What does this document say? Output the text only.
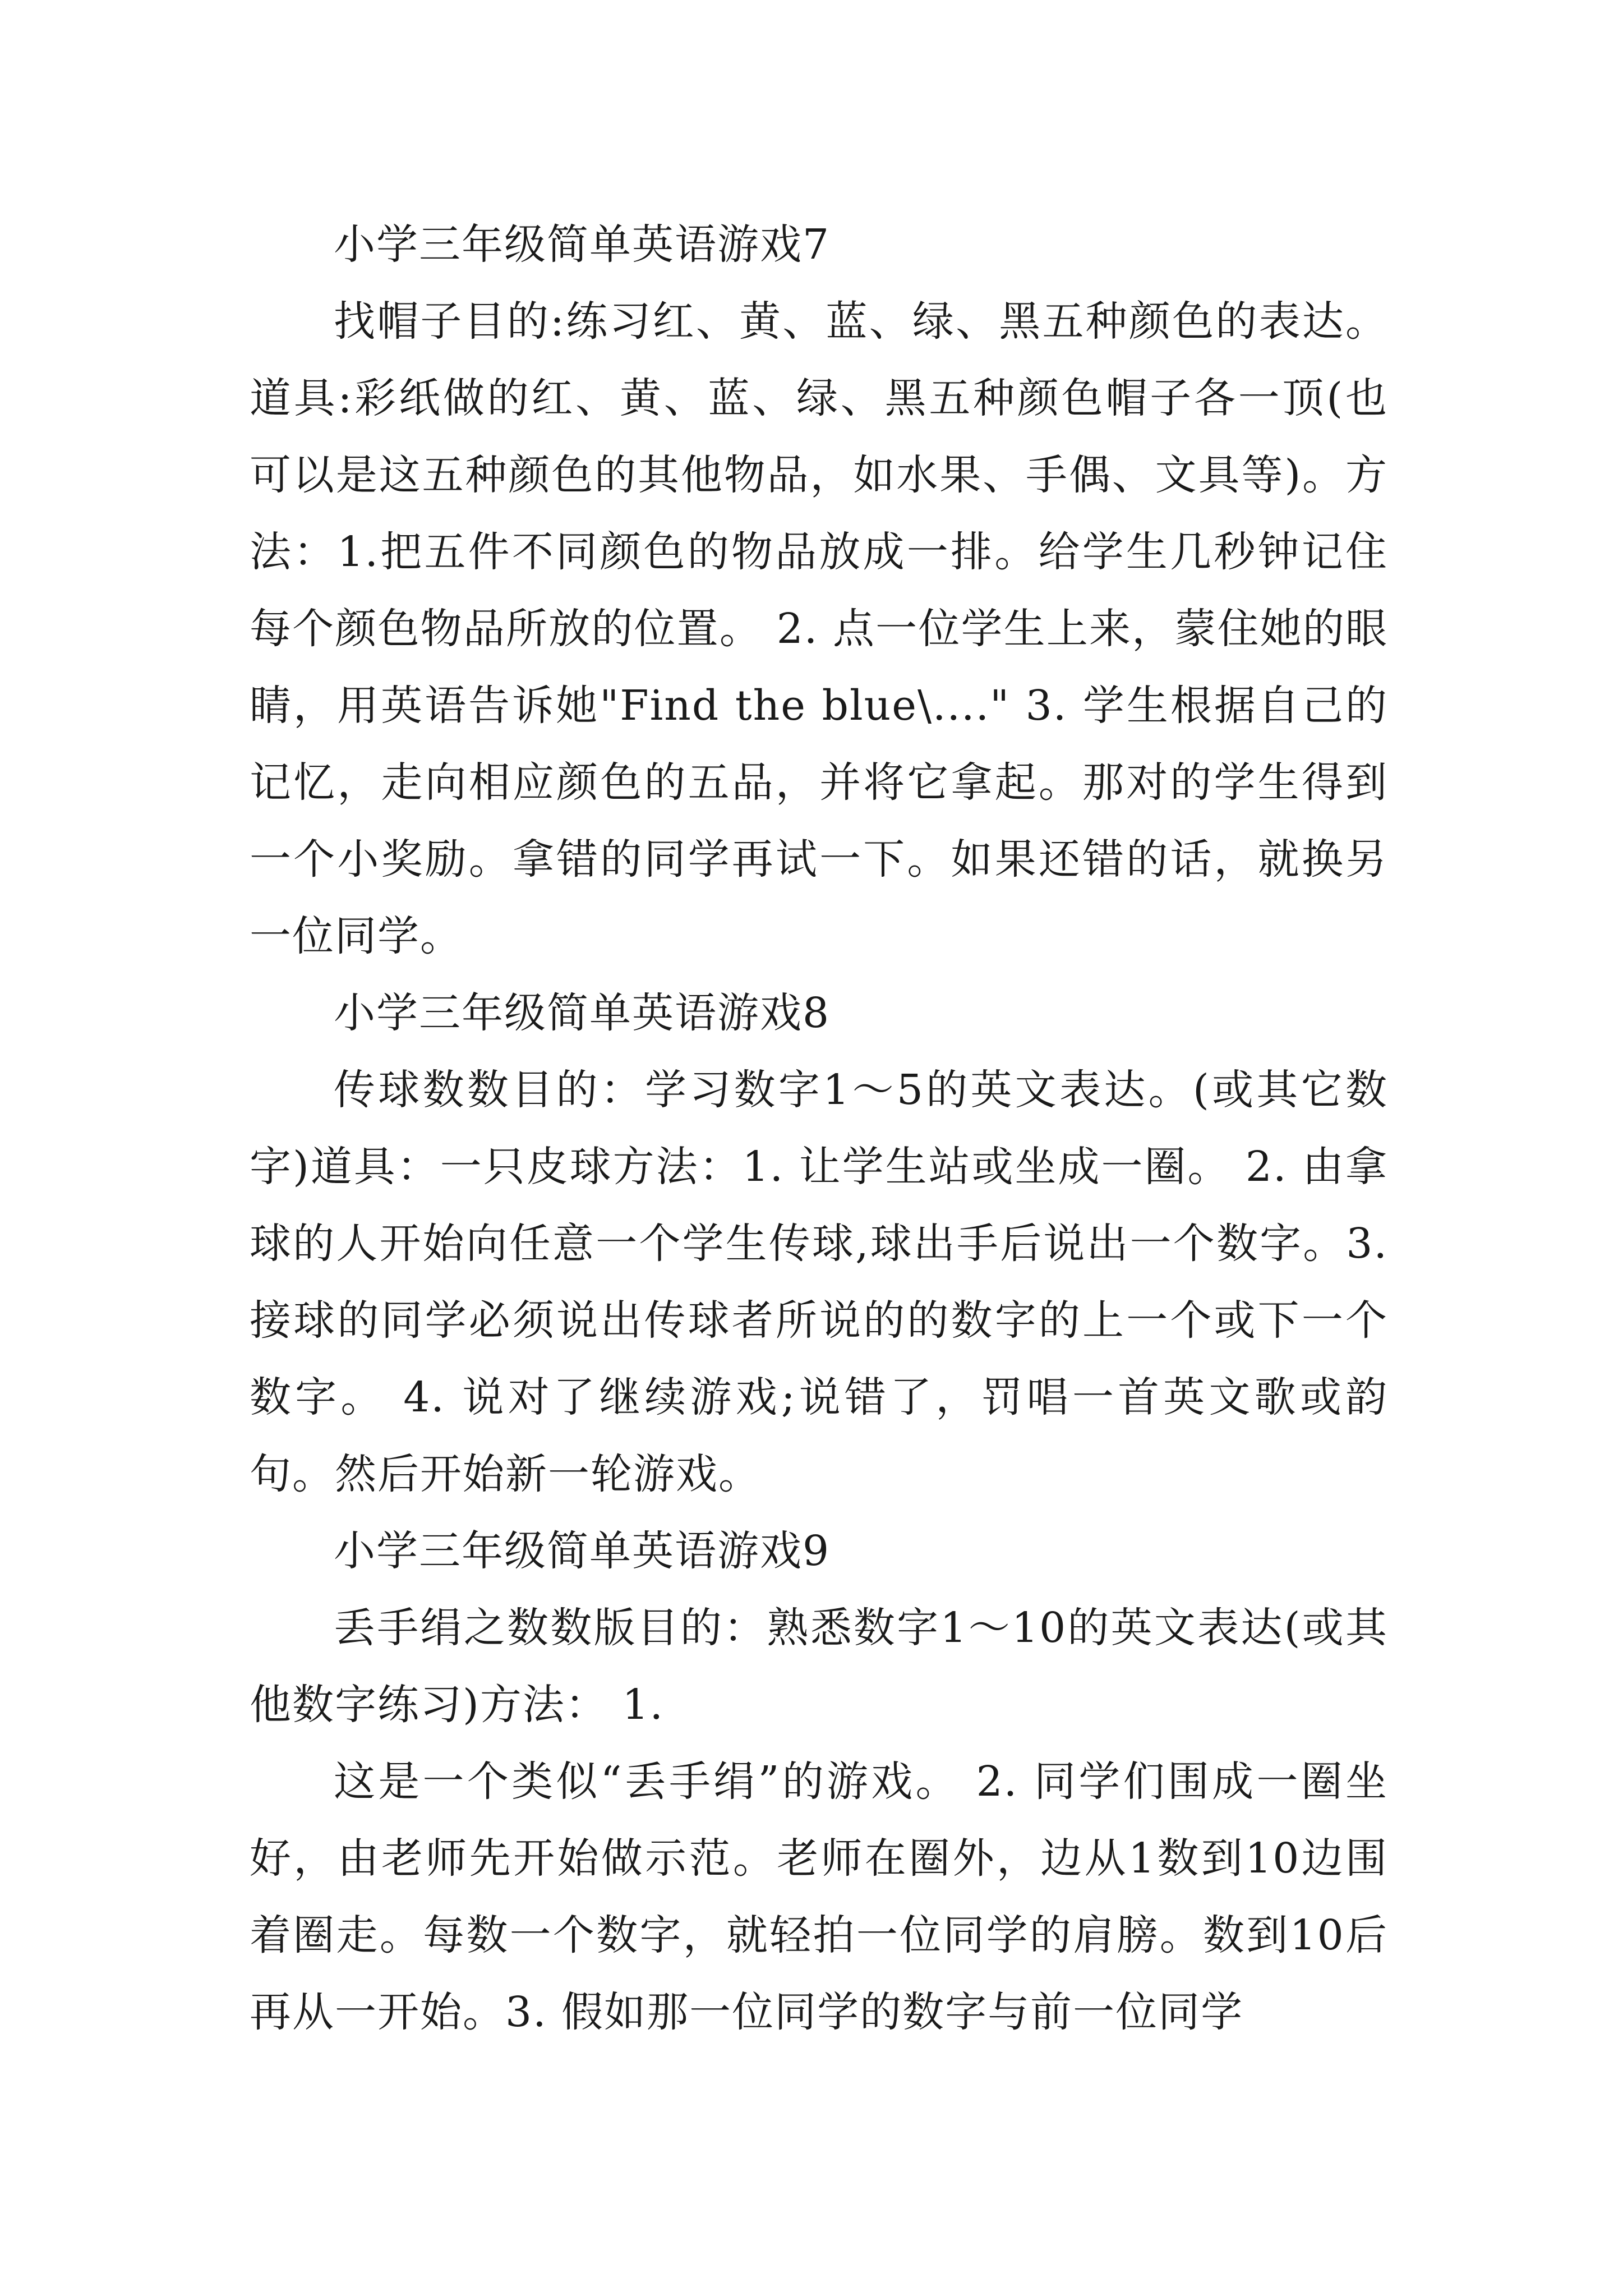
小学三年级简单英语游戏7

找帽子目的:练习红、黄、蓝、绿、黑五种颜色的表达。道具:彩纸做的红、黄、蓝、绿、黑五种颜色帽子各一顶(也可以是这五种颜色的其他物品，如水果、手偶、文具等)。方法：1.把五件不同颜色的物品放成一排。给学生几秒钟记住每个颜色物品所放的位置。 2. 点一位学生上来，蒙住她的眼睛，用英语告诉她"Find the blue\...." 3. 学生根据自己的记忆，走向相应颜色的五品，并将它拿起。那对的学生得到一个小奖励。拿错的同学再试一下。如果还错的话，就换另一位同学。

小学三年级简单英语游戏8

传球数数目的：学习数字1～5的英文表达。(或其它数字)道具：一只皮球方法：1. 让学生站或坐成一圈。 2. 由拿球的人开始向任意一个学生传球,球出手后说出一个数字。3. 接球的同学必须说出传球者所说的的数字的上一个或下一个数字。 4. 说对了继续游戏;说错了，罚唱一首英文歌或韵句。然后开始新一轮游戏。

小学三年级简单英语游戏9

丢手绢之数数版目的：熟悉数字1～10的英文表达(或其他数字练习)方法： 1.

这是一个类似“丢手绢”的游戏。 2. 同学们围成一圈坐好，由老师先开始做示范。老师在圈外，边从1数到10边围着圈走。每数一个数字，就轻拍一位同学的肩膀。数到10后再从一开始。3. 假如那一位同学的数字与前一位同学
